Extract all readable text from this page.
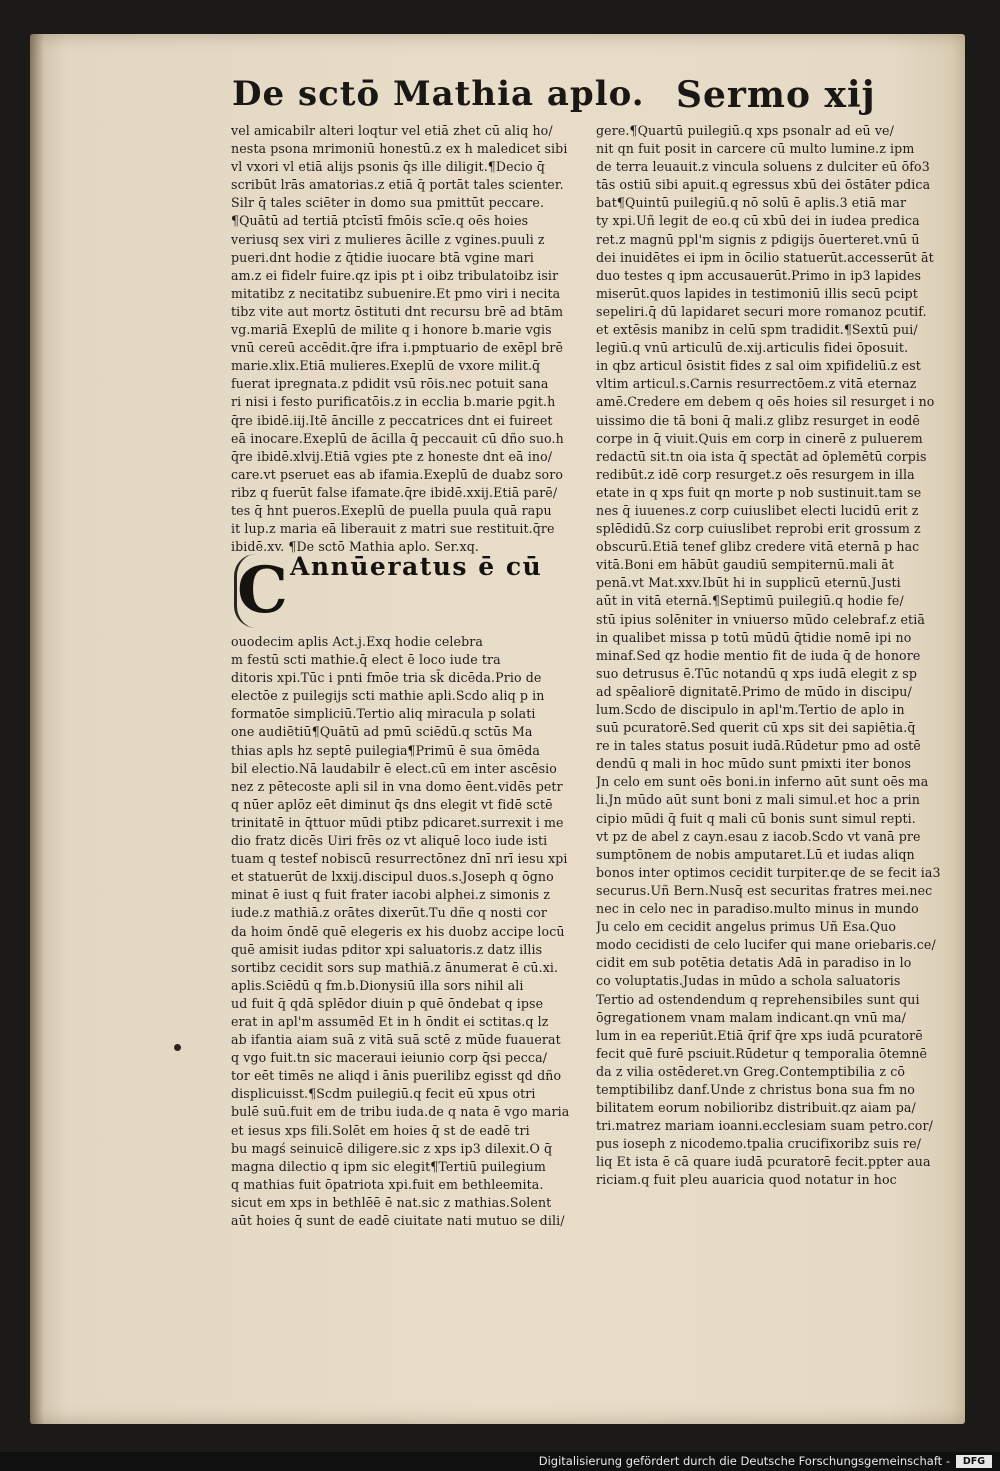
De sctō Mathia aplo. Sermo xij
vel amicabilr alteri loqtur vel etiā zhet cū aliq ho/
nesta psona mrimoniū honestū.z ex h maledicet sibi
vl vxori vl etiā alijs psonis q̄s ille diligit.¶Decio q̄
scribūt lrās amatorias.z etiā q̄ portāt tales scienter.
Silr q̄ tales sciēter in domo sua pmittūt peccare.
¶Quātū ad tertiā ptcīstī fmōis scīe.q oēs hoies
veriusq sex viri z mulieres ācille z vgines.puuli z
pueri.dnt hodie z q̄tidie iuocare btā vgine mari
am.z ei fidelr fuire.qz ipis pt i oibz tribulatoibz isir
mitatibz z necitatibz subuenire.Et pmo viri i necita
tibz vite aut mortz ōstituti dnt recursu brē ad btām
vg.mariā Exeplū de milite q i honore b.marie vgis
vnū cereū accēdit.q̄re ifra i.pmptuario de exēpl brē
marie.xlix.Etiā mulieres.Exeplū de vxore milit.q̄
fuerat ipregnata.z pdidit vsū rōis.nec potuit sana
ri nisi i festo purificatōis.z in ecclia b.marie pgit.h
q̄re ibidē.iij.Itē āncille z peccatrices dnt ei fuireet
eā inocare.Exeplū de ācilla q̄ peccauit cū dño suo.h
q̄re ibidē.xlvij.Etiā vgies pte z honeste dnt eā ino/
care.vt pseruet eas ab ifamia.Exeplū de duabz soro
ribz q fuerūt false ifamate.q̄re ibidē.xxij.Etiā parē/
tes q̄ hnt pueros.Exeplū de puella puula quā rapu
it lup.z maria eā liberauit z matri sue restituit.q̄re
ibidē.xv. ¶De sctō Mathia aplo. Ser.xq.
C Annūeratus ē cū
ouodecim aplis Act.j.Exq hodie celebra
m festū scti mathie.q̄ elect ē loco iude tra
ditoris xpi.Tūc i pnti fmōe tria sk̄ dicēda.Prio de
electōe z puilegijs scti mathie apli.Scdo aliq p in
formatōe simpliciū.Tertio aliq miracula p solati
one audiētiū¶Quātū ad pmū sciēdū.q sctūs Ma
thias apls hz septē puilegia¶Primū ē sua ōmēda
bil electio.Nā laudabilr ē elect.cū em inter ascēsio
nez z pētecoste apli sil in vna domo ēent.vidēs petr
q nūer aplōz eēt diminut q̄s dns elegit vt fidē sctē
trinitatē in q̄ttuor mūdi ptibz pdicaret.surrexit i me
dio fratz dicēs Uiri frēs oz vt aliquē loco iude isti
tuam q testef nobiscū resurrectōnez dnī nrī iesu xpi
et statuerūt de lxxij.discipul duos.s.Joseph q ōgno
minat ē iust q fuit frater iacobi alphei.z simonis z
iude.z mathiā.z orātes dixerūt.Tu dñe q nosti cor
da hoim ōndē quē elegeris ex his duobz accipe locū
quē amisit iudas pditor xpi saluatoris.z datz illis
sortibz cecidit sors sup mathiā.z ānumerat ē cū.xi.
aplis.Sciēdū q fm.b.Dionysiū illa sors nihil ali
ud fuit q̄ qdā splēdor diuin p quē ōndebat q ipse
erat in apl'm assumēd Et in h ōndit ei sctitas.q lz
ab ifantia aiam suā z vitā suā sctē z mūde fuauerat
q vgo fuit.tn sic maceraui ieiunio corp q̄si pecca/
tor eēt timēs ne aliqd i ānis puerilibz egisst qd dño
displicuisst.¶Scdm puilegiū.q fecit eū xpus otri
bulē suū.fuit em de tribu iuda.de q nata ē vgo maria
et iesus xps fili.Solēt em hoies q̄ st de eadē tri
bu magś seinuicē diligere.sic z xps ip3 dilexit.O q̄
magna dilectio q ipm sic elegit¶Tertiū puilegium
q mathias fuit ōpatriota xpi.fuit em bethleemita.
sicut em xps in bethlēē ē nat.sic z mathias.Solent
aūt hoies q̄ sunt de eadē ciuitate nati mutuo se dili/
gere.¶Quartū puilegiū.q xps psonalr ad eū ve/
nit qn fuit posit in carcere cū multo lumine.z ipm
de terra leuauit.z vincula soluens z dulciter eū ōfo3
tās ostiū sibi apuit.q egressus xbū dei ōstāter pdica
bat¶Quintū puilegiū.q nō solū ē aplis.3 etiā mar
ty xpi.Uñ legit de eo.q cū xbū dei in iudea predica
ret.z magnū ppl'm signis z pdigijs ōuerteret.vnū ū
dei inuidētes ei ipm in ōcilio statuerūt.accesserūt āt
duo testes q ipm accusauerūt.Primo in ip3 lapides
miserūt.quos lapides in testimoniū illis secū pcipt
sepeliri.q̄ dū lapidaret securi more romanoz pcutif.
et extēsis manibz in celū spm tradidit.¶Sextū pui/
legiū.q vnū articulū de.xij.articulis fidei ōposuit.
in qbz articul ōsistit fides z sal oim xpifideliū.z est
vltim articul.s.Carnis resurrectōem.z vitā eternaz
amē.Credere em debem q oēs hoies sil resurget i no
uissimo die tā boni q̄ mali.z glibz resurget in eodē
corpe in q̄ viuit.Quis em corp in cinerē z puluerem
redactū sit.tn oia ista q̄ spectāt ad ōplemētū corpis
redibūt.z idē corp resurget.z oēs resurgem in illa
etate in q xps fuit qn morte p nob sustinuit.tam se
nes q̄ iuuenes.z corp cuiuslibet electi lucidū erit z
splēdidū.Sz corp cuiuslibet reprobi erit grossum z
obscurū.Etiā tenef glibz credere vitā eternā p hac
vitā.Boni em hābūt gaudiū sempiternū.mali āt
penā.vt Mat.xxv.Ibūt hi in supplicū eternū.Justi
aūt in vitā eternā.¶Septimū puilegiū.q hodie fe/
stū ipius solēniter in vniuerso mūdo celebraf.z etiā
in qualibet missa p totū mūdū q̄tidie nomē ipi no
minaf.Sed qz hodie mentio fit de iuda q̄ de honore
suo detrusus ē.Tūc notandū q xps iudā elegit z sp
ad spēaliorē dignitatē.Primo de mūdo in discipu/
lum.Scdo de discipulo in apl'm.Tertio de aplo in
suū pcuratorē.Sed querit cū xps sit dei sapiētia.q̄
re in tales status posuit iudā.Rūdetur pmo ad ostē
dendū q mali in hoc mūdo sunt pmixti iter bonos
Jn celo em sunt oēs boni.in inferno aūt sunt oēs ma
li.Jn mūdo aūt sunt boni z mali simul.et hoc a prin
cipio mūdi q̄ fuit q mali cū bonis sunt simul repti.
vt pz de abel z cayn.esau z iacob.Scdo vt vanā pre
sumptōnem de nobis amputaret.Lū et iudas aliqn
bonos inter optimos cecidit turpiter.qe de se fecit ia3
securus.Uñ Bern.Nusq̄ est securitas fratres mei.nec
nec in celo nec in paradiso.multo minus in mundo
Ju celo em cecidit angelus primus Uñ Esa.Quo
modo cecidisti de celo lucifer qui mane oriebaris.ce/
cidit em sub potētia detatis Adā in paradiso in lo
co voluptatis.Judas in mūdo a schola saluatoris
Tertio ad ostendendum q reprehensibiles sunt qui
ōgregationem vnam malam indicant.qn vnū ma/
lum in ea reperiūt.Etiā q̄rif q̄re xps iudā pcuratorē
fecit quē furē psciuit.Rūdetur q temporalia ōtemnē
da z vilia ostēderet.vn Greg.Contemptibilia z cō
temptibilibz danf.Unde z christus bona sua fm no
bilitatem eorum nobilioribz distribuit.qz aiam pa/
tri.matrez mariam ioanni.ecclesiam suam petro.cor/
pus ioseph z nicodemo.tpalia crucifixoribz suis re/
liq Et ista ē cā quare iudā pcuratorē fecit.ppter aua
riciam.q fuit pleu auaricia quod notatur in hoc
Digitalisierung gefördert durch die Deutsche Forschungsgemeinschaft -	DFG
